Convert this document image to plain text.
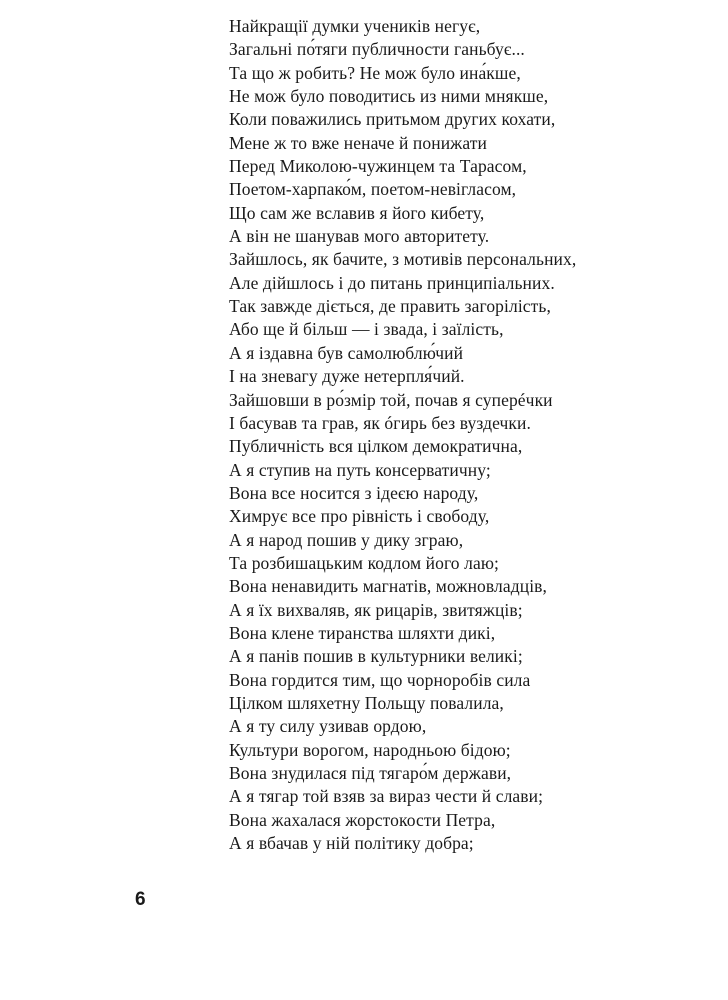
Найкращії думки учеників негує,
Загальні по́тяги публичности ганьбує...
Та що ж робить? Не мож було ина́кше,
Не мож було поводитись из ними мнякше,
Коли поважились притьмом других кохати,
Мене ж то вже неначе й понижати
Перед Миколою-чужинцем та Тарасом,
Поетом-харпако́м, поетом-невігласом,
Що сам же вславив я його кибету,
А він не шанував мого авторитету.
Зайшлось, як бачите, з мотивів персональних,
Але дійшлось і до питань принципіальних.
Так завжде діється, де править загорілість,
Або ще й більш — і звада, і заїлість,
А я іздавна був самолюблю́чий
І на зневагу дуже нетерпля́чий.
Зайшовши в ро́змір той, почав я суперéчки
І басував та грав, як óгирь без вуздечки.
Публичність вся цілком демократична,
А я ступив на путь консерватичну;
Вона все носится з ідеєю народу,
Химрує все про рівність і свободу,
А я народ пошив у дику зграю,
Та розбишацьким кодлом його лаю;
Вона ненавидить магнатів, можновладців,
А я їх вихваляв, як рицарів, звитяжців;
Вона клене тиранства шляхти дикі,
А я панів пошив в культурники великі;
Вона гордится тим, що чорноробів сила
Цілком шляхетну Польщу повалила,
А я ту силу узивав ордою,
Культури ворогом, народньою бідою;
Вона знудилася під тягаро́м держави,
А я тягар той взяв за вираз чести й слави;
Вона жахалася жорстокости Петра,
А я вбачав у ній політику добра;
6
